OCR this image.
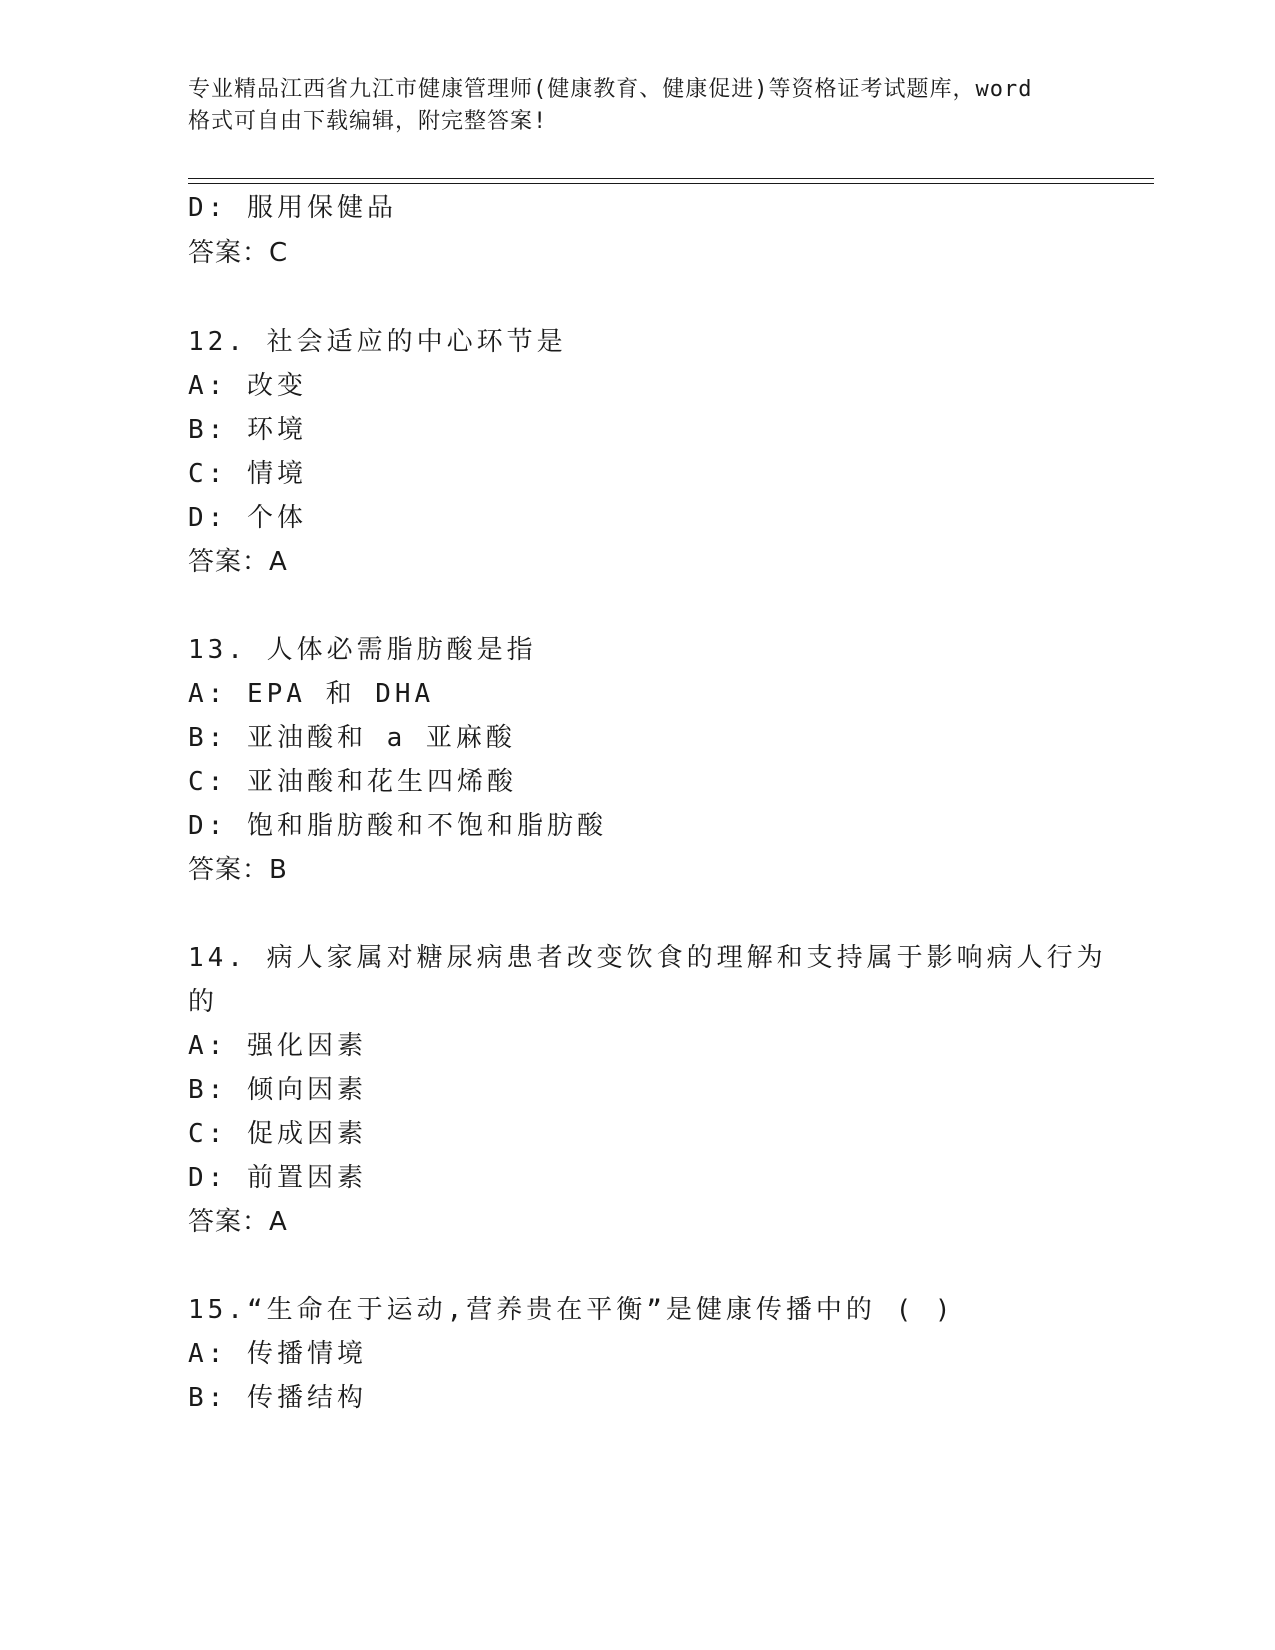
专业精品江西省九江市健康管理师(健康教育、健康促进)等资格证考试题库，word
格式可自由下载编辑，附完整答案!
D: 服用保健品
答案：C
12. 社会适应的中心环节是
A: 改变
B: 环境
C: 情境
D: 个体
答案：A
13. 人体必需脂肪酸是指
A: EPA 和 DHA
B: 亚油酸和 a 亚麻酸
C: 亚油酸和花生四烯酸
D: 饱和脂肪酸和不饱和脂肪酸
答案：B
14. 病人家属对糖尿病患者改变饮食的理解和支持属于影响病人行为
的
A: 强化因素
B: 倾向因素
C: 促成因素
D: 前置因素
答案：A
15.“生命在于运动,营养贵在平衡”是健康传播中的 ( )
A: 传播情境
B: 传播结构
